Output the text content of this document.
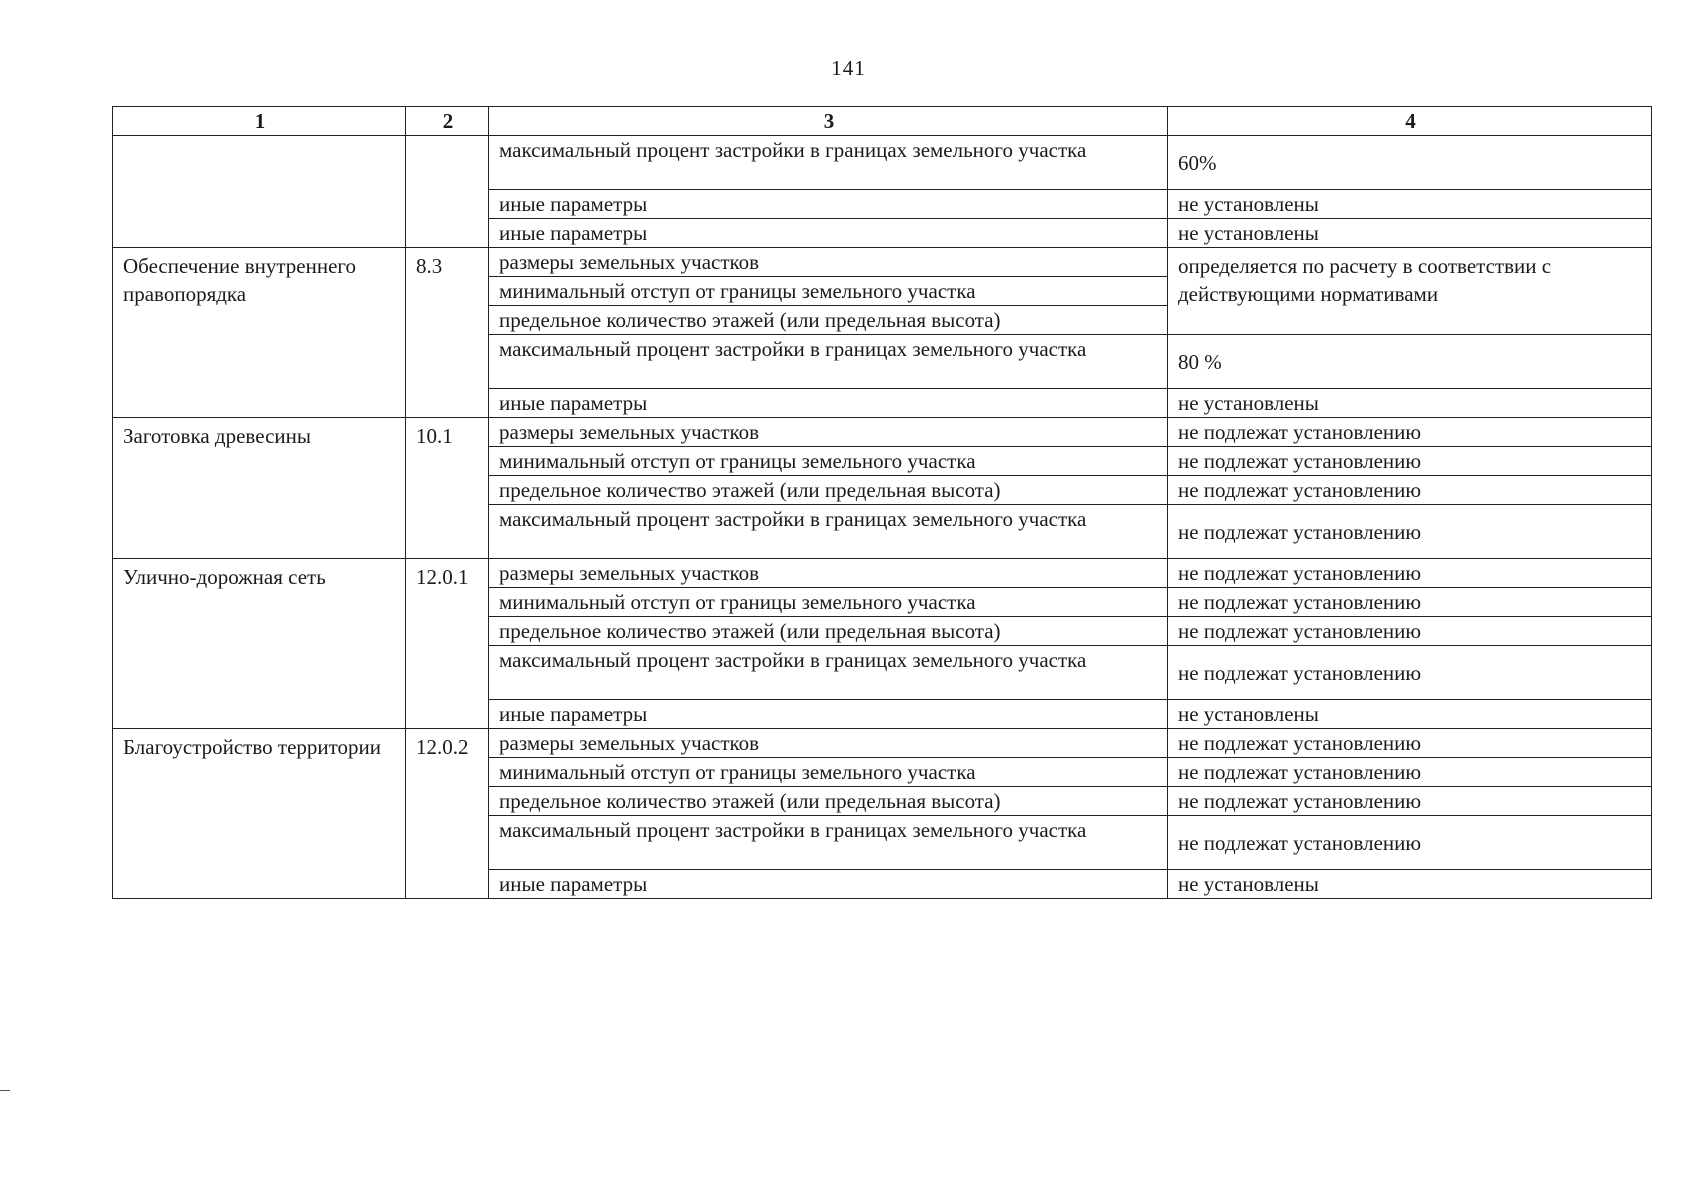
141
1	2	3	4
		максимальный процент застройки в границах земельного участка	60%
		иные параметры	не установлены
		иные параметры	не установлены
Обеспечение внутреннего правопорядка	8.3	размеры земельных участков	определяется по расчету в соответствии с действующими нормативами
		минимальный отступ от границы земельного участка	
		предельное количество этажей (или предельная высота)	
		максимальный процент застройки в границах земельного участка	80 %
		иные параметры	не установлены
Заготовка древесины	10.1	размеры земельных участков	не подлежат установлению
		минимальный отступ от границы земельного участка	не подлежат установлению
		предельное количество этажей (или предельная высота)	не подлежат установлению
		максимальный процент застройки в границах земельного участка	не подлежат установлению
Улично-дорожная сеть	12.0.1	размеры земельных участков	не подлежат установлению
		минимальный отступ от границы земельного участка	не подлежат установлению
		предельное количество этажей (или предельная высота)	не подлежат установлению
		максимальный процент застройки в границах земельного участка	не подлежат установлению
		иные параметры	не установлены
Благоустройство территории	12.0.2	размеры земельных участков	не подлежат установлению
		минимальный отступ от границы земельного участка	не подлежат установлению
		предельное количество этажей (или предельная высота)	не подлежат установлению
		максимальный процент застройки в границах земельного участка	не подлежат установлению
		иные параметры	не установлены
